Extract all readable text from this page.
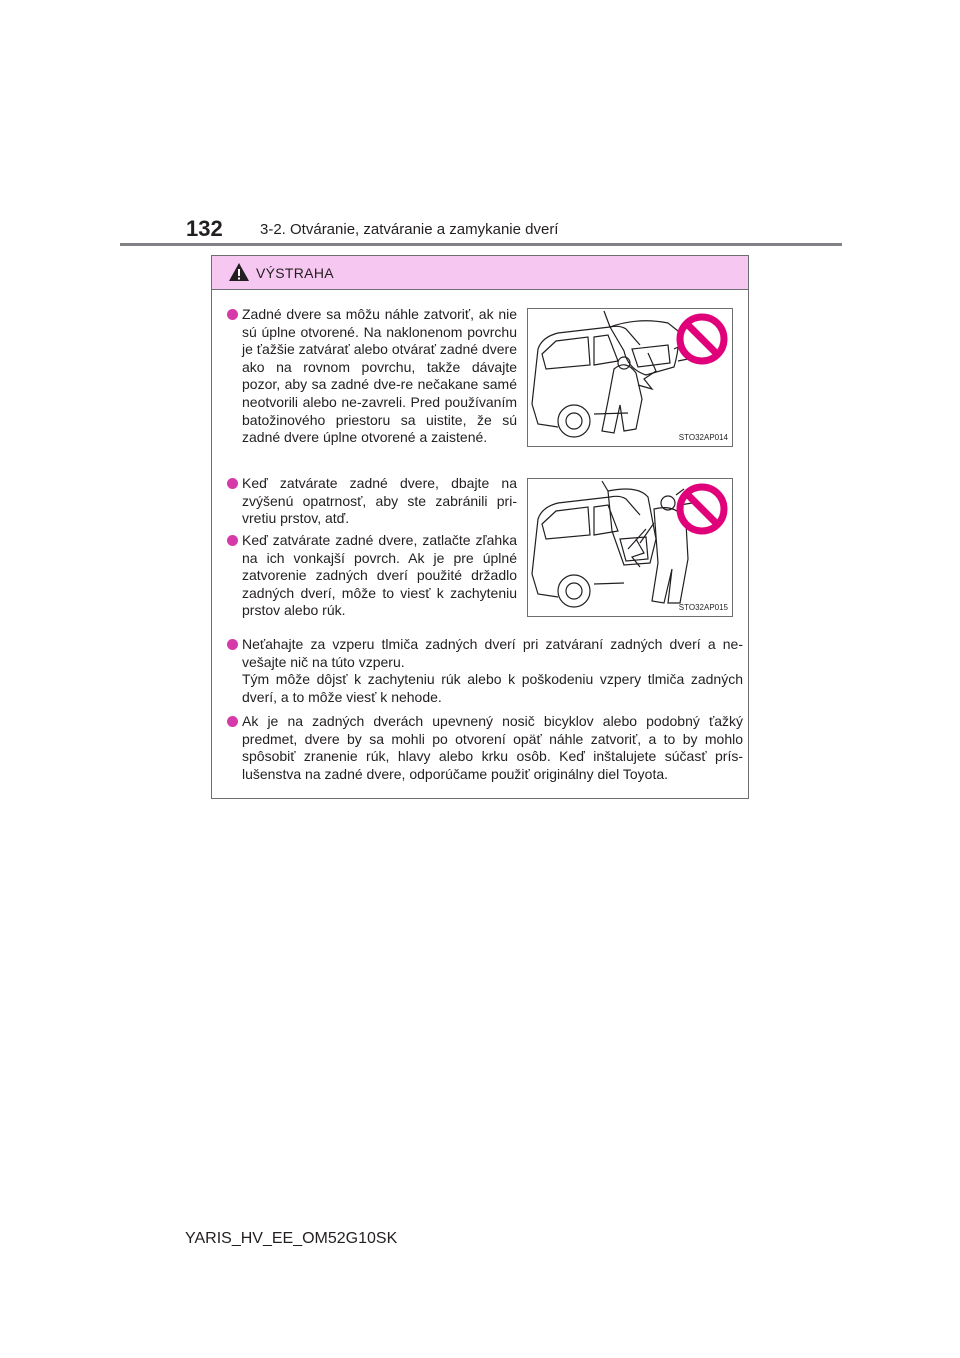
132 3-2. Otváranie, zatváranie a zamykanie dverí
VÝSTRAHA
Zadné dvere sa môžu náhle zatvoriť, ak nie sú úplne otvorené. Na naklonenom povrchu je ťažšie zatvárať alebo otvárať zadné dvere ako na rovnom povrchu, takže dávajte pozor, aby sa zadné dve-re nečakane samé neotvorili alebo ne-zavreli. Pred používaním batožinového priestoru sa uistite, že sú zadné dvere úplne otvorené a zaistené.
Keď zatvárate zadné dvere, dbajte na zvýšenú opatrnosť, aby ste zabránili pri-vretiu prstov, atď.
Keď zatvárate zadné dvere, zatlačte zľahka na ich vonkajší povrch. Ak je pre úplné zatvorenie zadných dverí použité držadlo zadných dverí, môže to viesť k zachyteniu prstov alebo rúk.
Neťahajte za vzperu tlmiča zadných dverí pri zatváraní zadných dverí a ne-vešajte nič na túto vzperu.
Tým môže dôjsť k zachyteniu rúk alebo k poškodeniu vzpery tlmiča zadných dverí, a to môže viesť k nehode.
Ak je na zadných dverách upevnený nosič bicyklov alebo podobný ťažký predmet, dvere by sa mohli po otvorení opäť náhle zatvoriť, a to by mohlo spôsobiť zranenie rúk, hlavy alebo krku osôb. Keď inštalujete súčasť prís-lušenstva na zadné dvere, odporúčame použiť originálny diel Toyota.
STO32AP014
STO32AP015
YARIS_HV_EE_OM52G10SK
